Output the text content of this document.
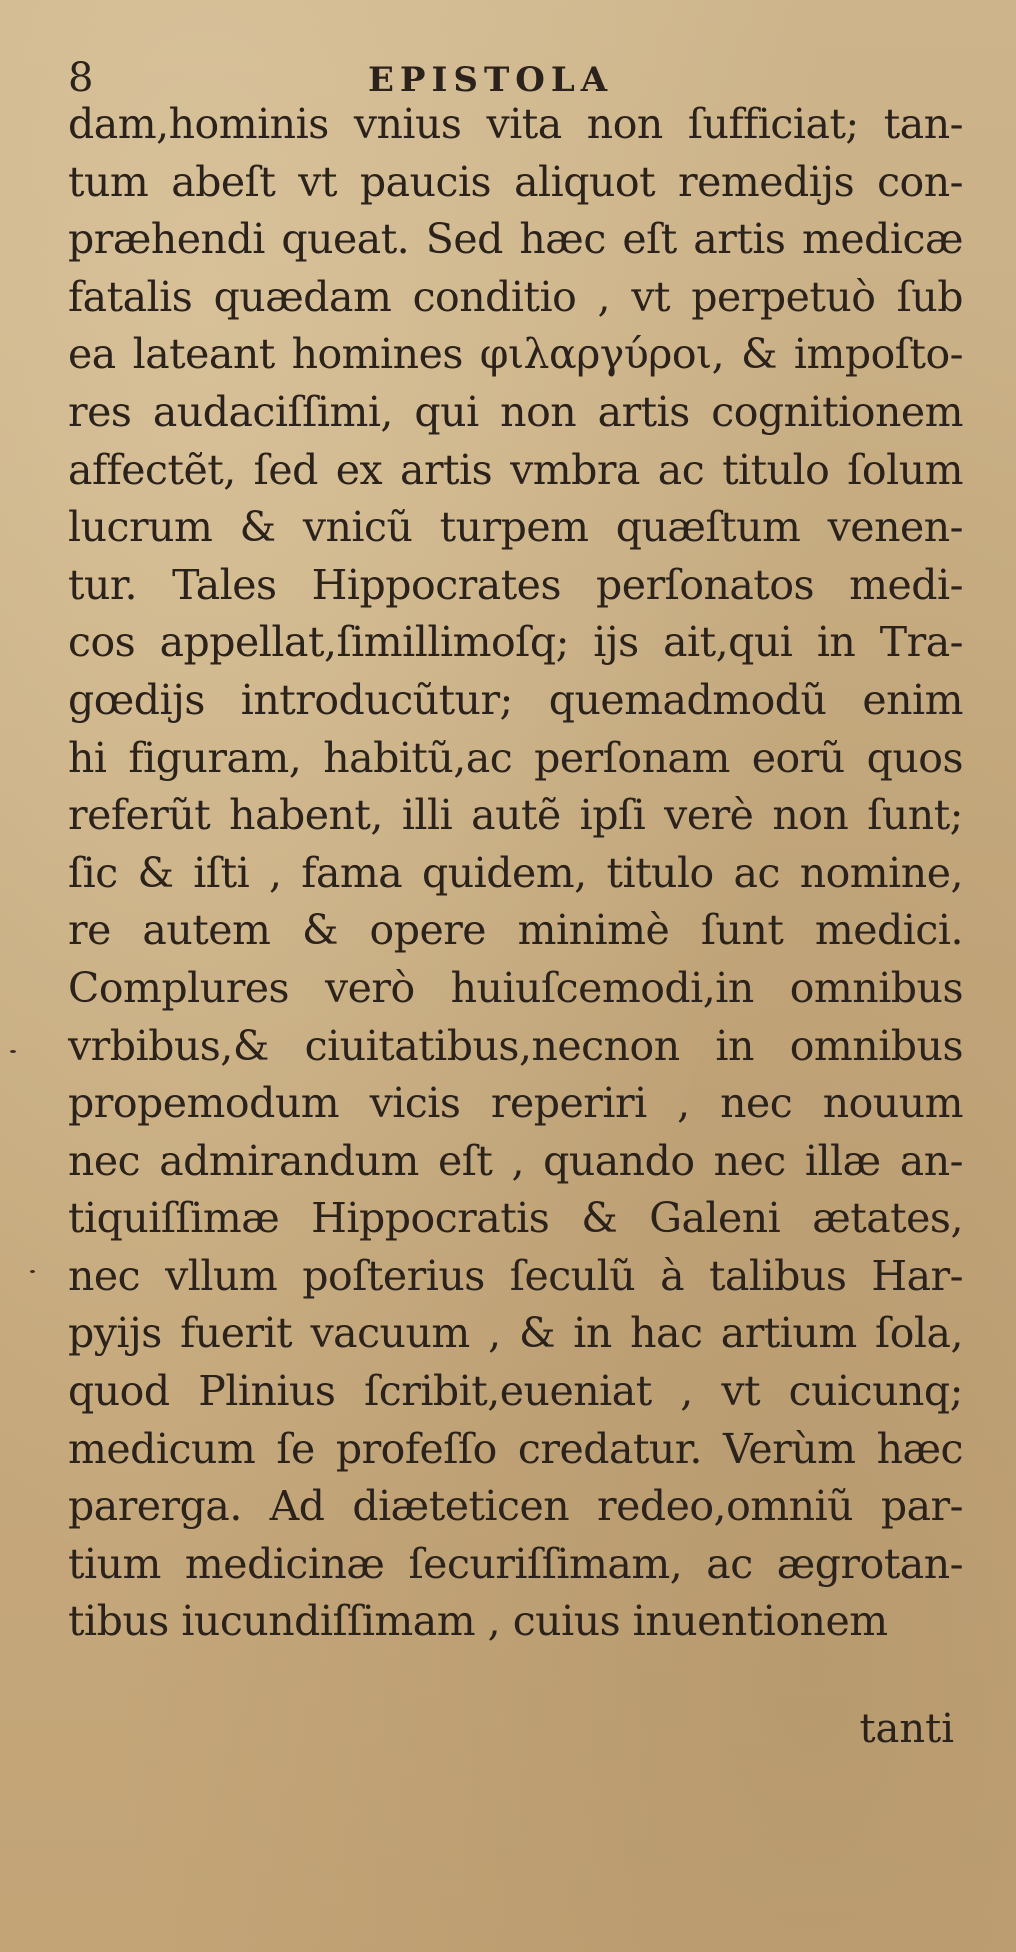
8	EPISTOLA
dam,hominis vnius vita non ſufficiat; tan-
tum abeſt vt paucis aliquot remedijs con-
præhendi queat. Sed hæc eſt artis medicæ
fatalis quædam conditio , vt perpetuò ſub
ea lateant homines φιλαργύροι, & impoſto-
res audaciſſimi, qui non artis cognitionem
affectẽt, ſed ex artis vmbra ac titulo ſolum
lucrum & vnicũ turpem quæſtum venen-
tur. Tales Hippocrates perſonatos medi-
cos appellat,ſimillimoſq; ijs ait,qui in Tra-
gœdijs introducũtur; quemadmodũ enim
hi figuram, habitũ,ac perſonam eorũ quos
referũt habent, illi autẽ ipſi verè non ſunt;
ſic & iſti , fama quidem, titulo ac nomine,
re autem & opere minimè ſunt medici.
Complures verò huiuſcemodi,in omnibus
vrbibus,& ciuitatibus,necnon in omnibus
propemodum vicis reperiri , nec nouum
nec admirandum eſt , quando nec illæ an-
tiquiſſimæ Hippocratis & Galeni ætates,
nec vllum poſterius ſeculũ à talibus Har-
pyijs fuerit vacuum , & in hac artium ſola,
quod Plinius ſcribit,eueniat , vt cuicunq;
medicum ſe profeſſo credatur. Verùm hæc
parerga. Ad diæteticen redeo,omniũ par-
tium medicinæ ſecuriſſimam, ac ægrotan-
tibus iucundiſſimam , cuius inuentionem
tanti
